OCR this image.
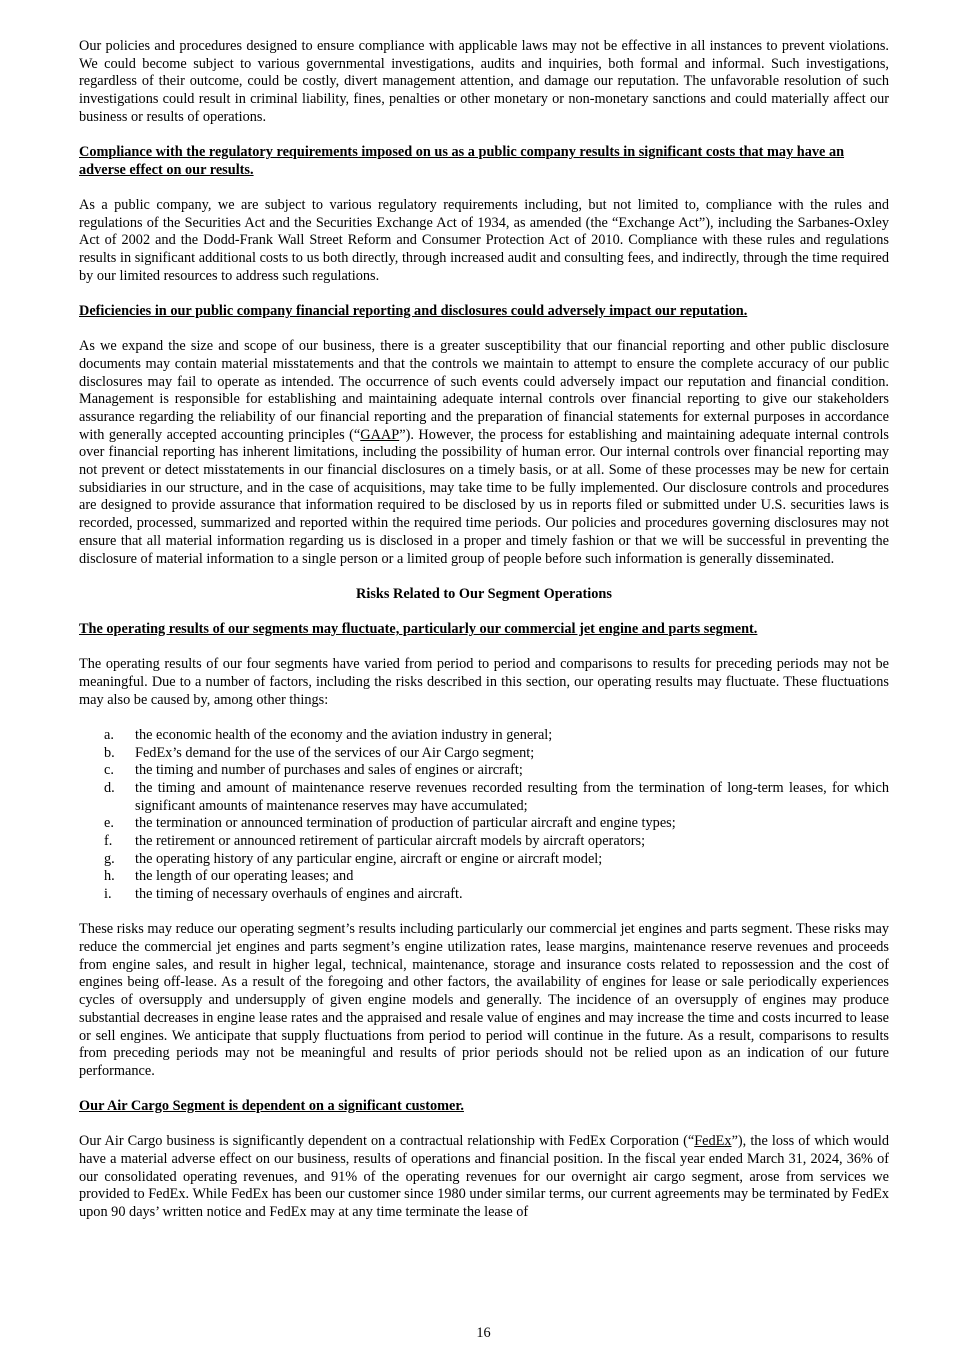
Our policies and procedures designed to ensure compliance with applicable laws may not be effective in all instances to prevent violations. We could become subject to various governmental investigations, audits and inquiries, both formal and informal. Such investigations, regardless of their outcome, could be costly, divert management attention, and damage our reputation. The unfavorable resolution of such investigations could result in criminal liability, fines, penalties or other monetary or non-monetary sanctions and could materially affect our business or results of operations.

Compliance with the regulatory requirements imposed on us as a public company results in significant costs that may have an adverse effect on our results.

As a public company, we are subject to various regulatory requirements including, but not limited to, compliance with the rules and regulations of the Securities Act and the Securities Exchange Act of 1934, as amended (the “Exchange Act”), including the Sarbanes-Oxley Act of 2002 and the Dodd-Frank Wall Street Reform and Consumer Protection Act of 2010. Compliance with these rules and regulations results in significant additional costs to us both directly, through increased audit and consulting fees, and indirectly, through the time required by our limited resources to address such regulations.

Deficiencies in our public company financial reporting and disclosures could adversely impact our reputation.

As we expand the size and scope of our business, there is a greater susceptibility that our financial reporting and other public disclosure documents may contain material misstatements and that the controls we maintain to attempt to ensure the complete accuracy of our public disclosures may fail to operate as intended. The occurrence of such events could adversely impact our reputation and financial condition. Management is responsible for establishing and maintaining adequate internal controls over financial reporting to give our stakeholders assurance regarding the reliability of our financial reporting and the preparation of financial statements for external purposes in accordance with generally accepted accounting principles (“GAAP”). However, the process for establishing and maintaining adequate internal controls over financial reporting has inherent limitations, including the possibility of human error. Our internal controls over financial reporting may not prevent or detect misstatements in our financial disclosures on a timely basis, or at all. Some of these processes may be new for certain subsidiaries in our structure, and in the case of acquisitions, may take time to be fully implemented. Our disclosure controls and procedures are designed to provide assurance that information required to be disclosed by us in reports filed or submitted under U.S. securities laws is recorded, processed, summarized and reported within the required time periods. Our policies and procedures governing disclosures may not ensure that all material information regarding us is disclosed in a proper and timely fashion or that we will be successful in preventing the disclosure of material information to a single person or a limited group of people before such information is generally disseminated.

Risks Related to Our Segment Operations

The operating results of our segments may fluctuate, particularly our commercial jet engine and parts segment.

The operating results of our four segments have varied from period to period and comparisons to results for preceding periods may not be meaningful. Due to a number of factors, including the risks described in this section, our operating results may fluctuate. These fluctuations may also be caused by, among other things:

a.	the economic health of the economy and the aviation industry in general;
b.	FedEx’s demand for the use of the services of our Air Cargo segment;
c.	the timing and number of purchases and sales of engines or aircraft;
d.	the timing and amount of maintenance reserve revenues recorded resulting from the termination of long-term leases, for which significant amounts of maintenance reserves may have accumulated;
e.	the termination or announced termination of production of particular aircraft and engine types;
f.	the retirement or announced retirement of particular aircraft models by aircraft operators;
g.	the operating history of any particular engine, aircraft or engine or aircraft model;
h.	the length of our operating leases; and
i.	the timing of necessary overhauls of engines and aircraft.

These risks may reduce our operating segment’s results including particularly our commercial jet engines and parts segment. These risks may reduce the commercial jet engines and parts segment’s engine utilization rates, lease margins, maintenance reserve revenues and proceeds from engine sales, and result in higher legal, technical, maintenance, storage and insurance costs related to repossession and the cost of engines being off-lease. As a result of the foregoing and other factors, the availability of engines for lease or sale periodically experiences cycles of oversupply and undersupply of given engine models and generally. The incidence of an oversupply of engines may produce substantial decreases in engine lease rates and the appraised and resale value of engines and may increase the time and costs incurred to lease or sell engines. We anticipate that supply fluctuations from period to period will continue in the future. As a result, comparisons to results from preceding periods may not be meaningful and results of prior periods should not be relied upon as an indication of our future performance.

Our Air Cargo Segment is dependent on a significant customer.

Our Air Cargo business is significantly dependent on a contractual relationship with FedEx Corporation (“FedEx”), the loss of which would have a material adverse effect on our business, results of operations and financial position. In the fiscal year ended March 31, 2024, 36% of our consolidated operating revenues, and 91% of the operating revenues for our overnight air cargo segment, arose from services we provided to FedEx. While FedEx has been our customer since 1980 under similar terms, our current agreements may be terminated by FedEx upon 90 days’ written notice and FedEx may at any time terminate the lease of

16
